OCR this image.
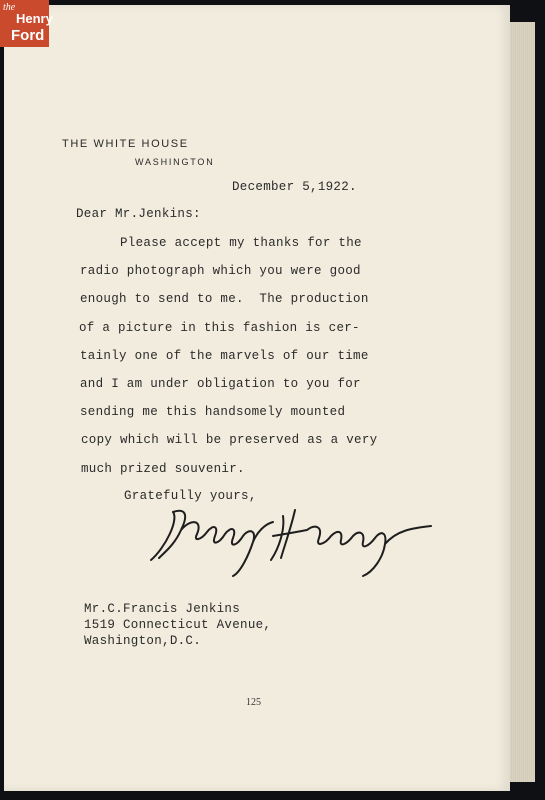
the
Henry
Ford
THE WHITE HOUSE
WASHINGTON
December 5,1922.
Dear Mr.Jenkins:
Please accept my thanks for the
radio photograph which you were good
enough to send to me.  The production
of a picture in this fashion is cer-
tainly one of the marvels of our time
and I am under obligation to you for
sending me this handsomely mounted
copy which will be preserved as a very
much prized souvenir.
Gratefully yours,
Mr.C.Francis Jenkins
1519 Connecticut Avenue,
Washington,D.C.
125
